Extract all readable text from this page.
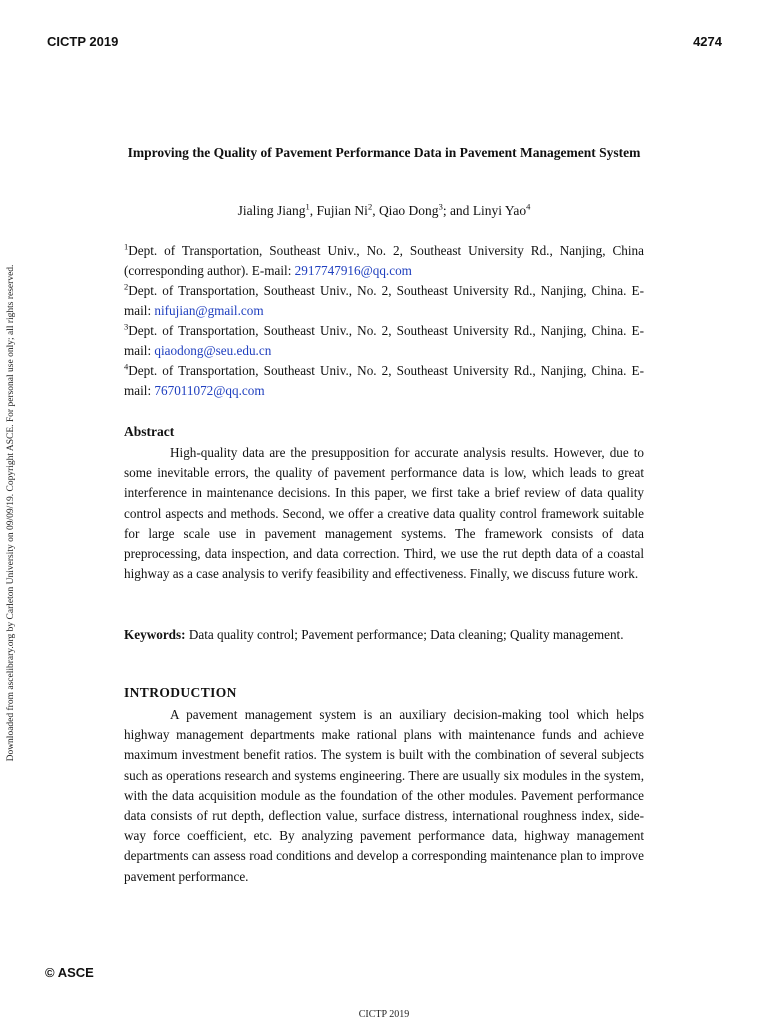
CICTP 2019	4274
Downloaded from ascelibrary.org by Carleton University on 09/09/19. Copyright ASCE. For personal use only; all rights reserved.
Improving the Quality of Pavement Performance Data in Pavement Management System
Jialing Jiang$^1$, Fujian Ni$^2$, Qiao Dong$^3$; and Linyi Yao$^4$
$^1$Dept. of Transportation, Southeast Univ., No. 2, Southeast University Rd., Nanjing, China (corresponding author). E-mail: 2917747916@qq.com
$^2$Dept. of Transportation, Southeast Univ., No. 2, Southeast University Rd., Nanjing, China. E-mail: nifujian@gmail.com
$^3$Dept. of Transportation, Southeast Univ., No. 2, Southeast University Rd., Nanjing, China. E-mail: qiaodong@seu.edu.cn
$^4$Dept. of Transportation, Southeast Univ., No. 2, Southeast University Rd., Nanjing, China. E-mail: 767011072@qq.com
Abstract

High-quality data are the presupposition for accurate analysis results. However, due to some inevitable errors, the quality of pavement performance data is low, which leads to great interference in maintenance decisions. In this paper, we first take a brief review of data quality control aspects and methods. Second, we offer a creative data quality control framework suitable for large scale use in pavement management systems. The framework consists of data preprocessing, data inspection, and data correction. Third, we use the rut depth data of a coastal highway as a case analysis to verify feasibility and effectiveness. Finally, we discuss future work.

Keywords: Data quality control; Pavement performance; Data cleaning; Quality management.

INTRODUCTION

A pavement management system is an auxiliary decision-making tool which helps highway management departments make rational plans with maintenance funds and achieve maximum investment benefit ratios. The system is built with the combination of several subjects such as operations research and systems engineering. There are usually six modules in the system, with the data acquisition module as the foundation of the other modules. Pavement performance data consists of rut depth, deflection value, surface distress, international roughness index, side-way force coefficient, etc. By analyzing pavement performance data, highway management departments can assess road conditions and develop a corresponding maintenance plan to improve pavement performance.

© ASCE
CICTP 2019
